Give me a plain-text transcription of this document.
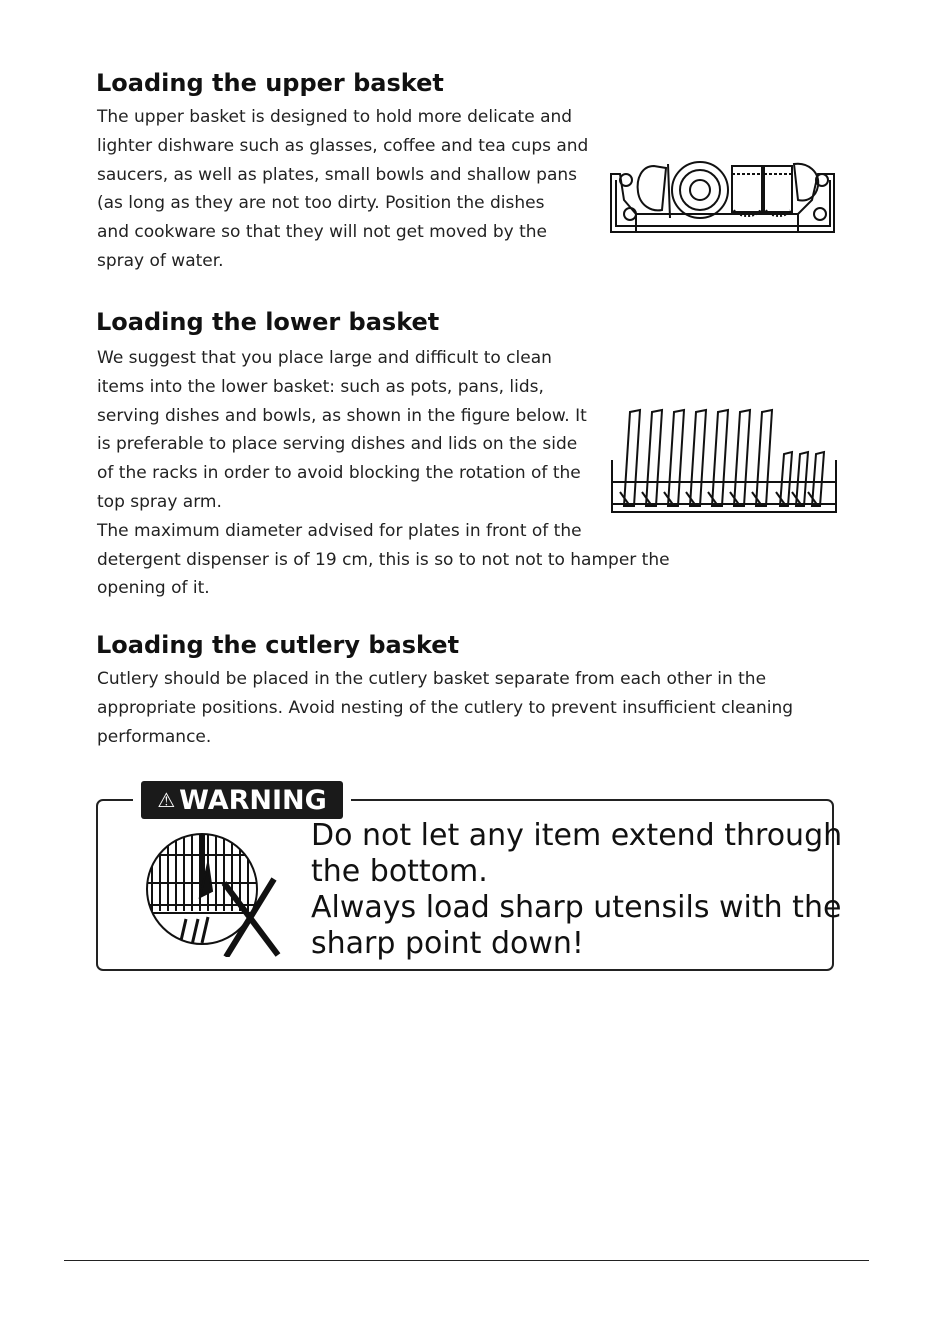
Loading the upper basket

The upper basket is designed to hold more delicate and
lighter dishware such as glasses, coffee and tea cups and
saucers, as well as plates, small bowls and shallow pans
(as long as they are not too dirty. Position the dishes
and cookware so that they will not get moved by the
spray of water.

Loading the lower basket

We suggest that you place large and difficult to clean
items into the lower basket: such as pots, pans, lids,
serving dishes and bowls, as shown in the figure below. It
is preferable to place serving dishes and lids on the side
of the racks in order to avoid blocking the rotation of the
top spray arm.
The maximum diameter advised for plates in front of the
detergent dispenser is of 19 cm, this is so to not not to hamper the
opening of it.

Loading the cutlery basket

Cutlery should be placed in the cutlery basket separate from each other in the
appropriate positions. Avoid nesting of the cutlery to prevent insufficient cleaning
performance.

⚠ WARNING

Do not let any item extend through
the bottom.
Always load sharp utensils with the
sharp point down!
